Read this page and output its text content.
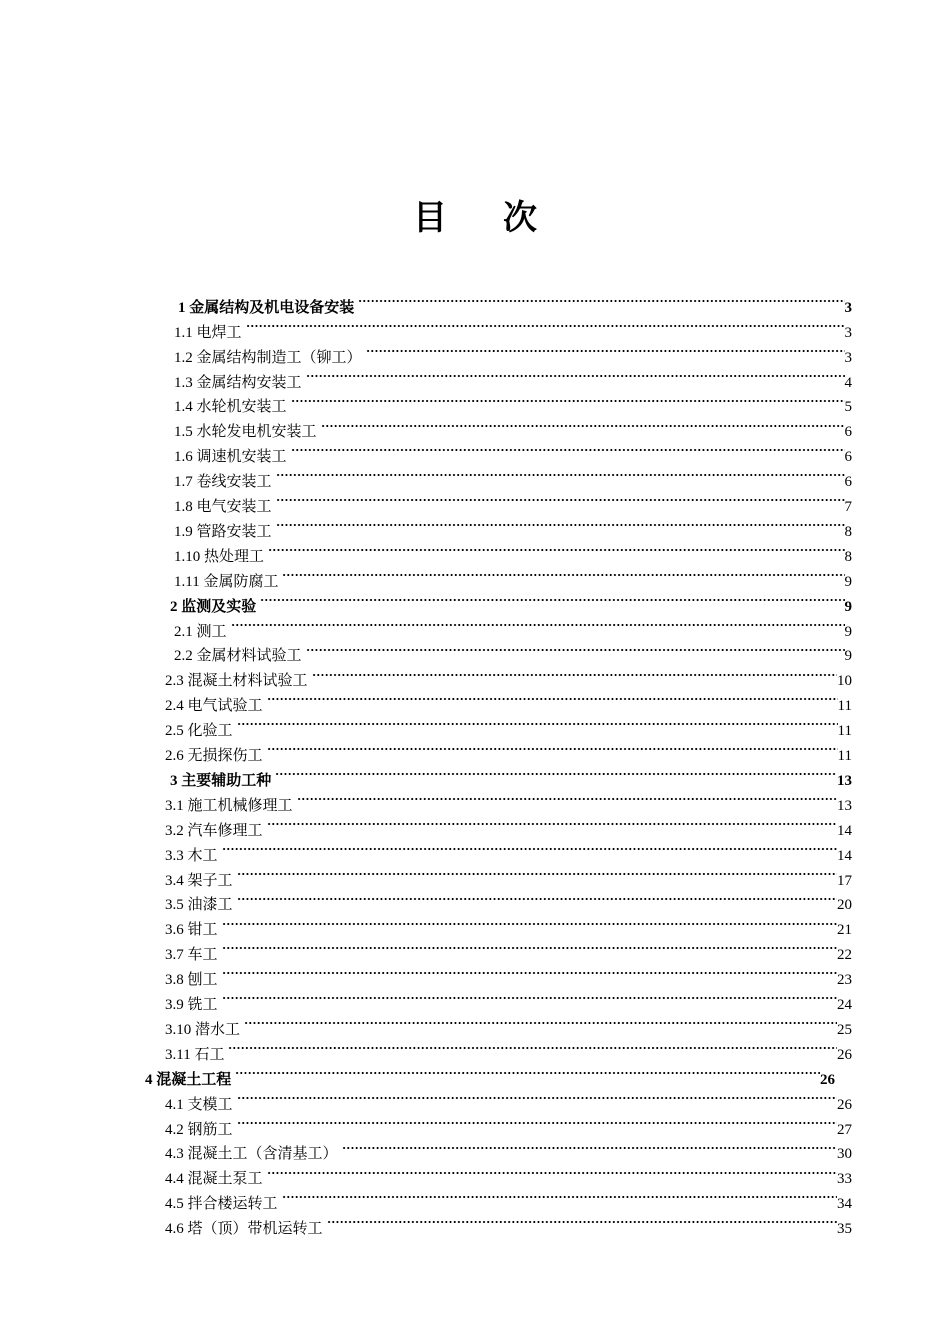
目 次
1 金属结构及机电设备安装	3
1.1 电焊工	3
1.2 金属结构制造工（铆工）	3
1.3 金属结构安装工	4
1.4 水轮机安装工	5
1.5 水轮发电机安装工	6
1.6 调速机安装工	6
1.7 卷线安装工	6
1.8 电气安装工	7
1.9 管路安装工	8
1.10 热处理工	8
1.11 金属防腐工	9
2 监测及实验	9
2.1 测工	9
2.2 金属材料试验工	9
2.3 混凝土材料试验工	10
2.4 电气试验工	11
2.5 化验工	11
2.6 无损探伤工	11
3 主要辅助工种	13
3.1 施工机械修理工	13
3.2 汽车修理工	14
3.3 木工	14
3.4 架子工	17
3.5 油漆工	20
3.6 钳工	21
3.7 车工	22
3.8 刨工	23
3.9 铣工	24
3.10 潜水工	25
3.11 石工	26
4 混凝土工程	26
4.1 支模工	26
4.2 钢筋工	27
4.3 混凝土工（含清基工）	30
4.4 混凝土泵工	33
4.5 拌合楼运转工	34
4.6 塔（顶）带机运转工	35
